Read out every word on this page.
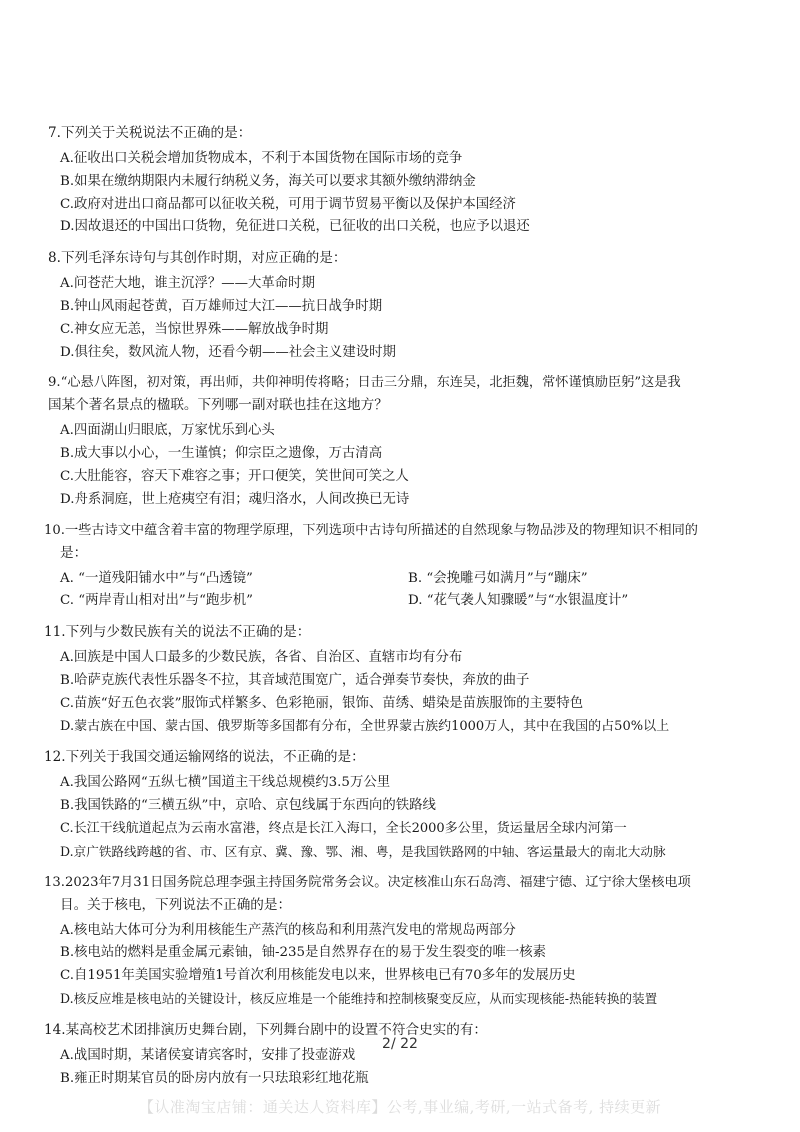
7.下列关于关税说法不正确的是：

A.征收出口关税会增加货物成本，不利于本国货物在国际市场的竞争

B.如果在缴纳期限内未履行纳税义务，海关可以要求其额外缴纳滞纳金

C.政府对进出口商品都可以征收关税，可用于调节贸易平衡以及保护本国经济

D.因故退还的中国出口货物，免征进口关税，已征收的出口关税，也应予以退还

8.下列毛泽东诗句与其创作时期，对应正确的是：

A.问苍茫大地，谁主沉浮？——大革命时期

B.钟山风雨起苍黄，百万雄师过大江——抗日战争时期

C.神女应无恙，当惊世界殊——解放战争时期

D.俱往矣，数风流人物，还看今朝——社会主义建设时期

9.“心悬八阵图，初对策，再出师，共仰神明传将略；日击三分鼎，东连吴，北拒魏，常怀谨慎励臣躬”这是我

国某个著名景点的楹联。下列哪一副对联也挂在这地方？

A.四面湖山归眼底，万家忧乐到心头

B.成大事以小心，一生谨慎；仰宗臣之遗像，万古清高

C.大肚能容，容天下难容之事；开口便笑，笑世间可笑之人

D.舟系洞庭，世上疮痍空有泪；魂归洛水，人间改换已无诗

10.一些古诗文中蕴含着丰富的物理学原理，下列选项中古诗句所描述的自然现象与物品涉及的物理知识不相同的

是：

A. “一道残阳铺水中”与“凸透镜”	B. “会挽雕弓如满月”与“蹦床”

C. “两岸青山相对出”与“跑步机”	D. “花气袭人知骤暖”与“水银温度计”

11.下列与少数民族有关的说法不正确的是：

A.回族是中国人口最多的少数民族，各省、自治区、直辖市均有分布

B.哈萨克族代表性乐器冬不拉，其音域范围宽广，适合弹奏节奏快，奔放的曲子

C.苗族“好五色衣裳”服饰式样繁多、色彩艳丽，银饰、苗绣、蜡染是苗族服饰的主要特色

D.蒙古族在中国、蒙古国、俄罗斯等多国都有分布，全世界蒙古族约1000万人，其中在我国的占50%以上

12.下列关于我国交通运输网络的说法，不正确的是：

A.我国公路网“五纵七横”国道主干线总规模约3.5万公里

B.我国铁路的“三横五纵”中，京哈、京包线属于东西向的铁路线

C.长江干线航道起点为云南水富港，终点是长江入海口，全长2000多公里，货运量居全球内河第一

D.京广铁路线跨越的省、市、区有京、冀、豫、鄂、湘、粤，是我国铁路网的中轴、客运量最大的南北大动脉

13.2023年7月31日国务院总理李强主持国务院常务会议。决定核准山东石岛湾、福建宁德、辽宁徐大堡核电项

目。关于核电，下列说法不正确的是：

A.核电站大体可分为利用核能生产蒸汽的核岛和利用蒸汽发电的常规岛两部分

B.核电站的燃料是重金属元素铀，铀-235是自然界存在的易于发生裂变的唯一核素

C.自1951年美国实验增殖1号首次利用核能发电以来，世界核电已有70多年的发展历史

D.核反应堆是核电站的关键设计，核反应堆是一个能维持和控制核聚变反应，从而实现核能-热能转换的装置

14.某高校艺术团排演历史舞台剧，下列舞台剧中的设置不符合史实的有：

A.战国时期，某诸侯宴请宾客时，安排了投壶游戏

B.雍正时期某官员的卧房内放有一只珐琅彩红地花瓶

2/ 22
【认准淘宝店铺：通关达人资料库】公考,事业编,考研,一站式备考, 持续更新
